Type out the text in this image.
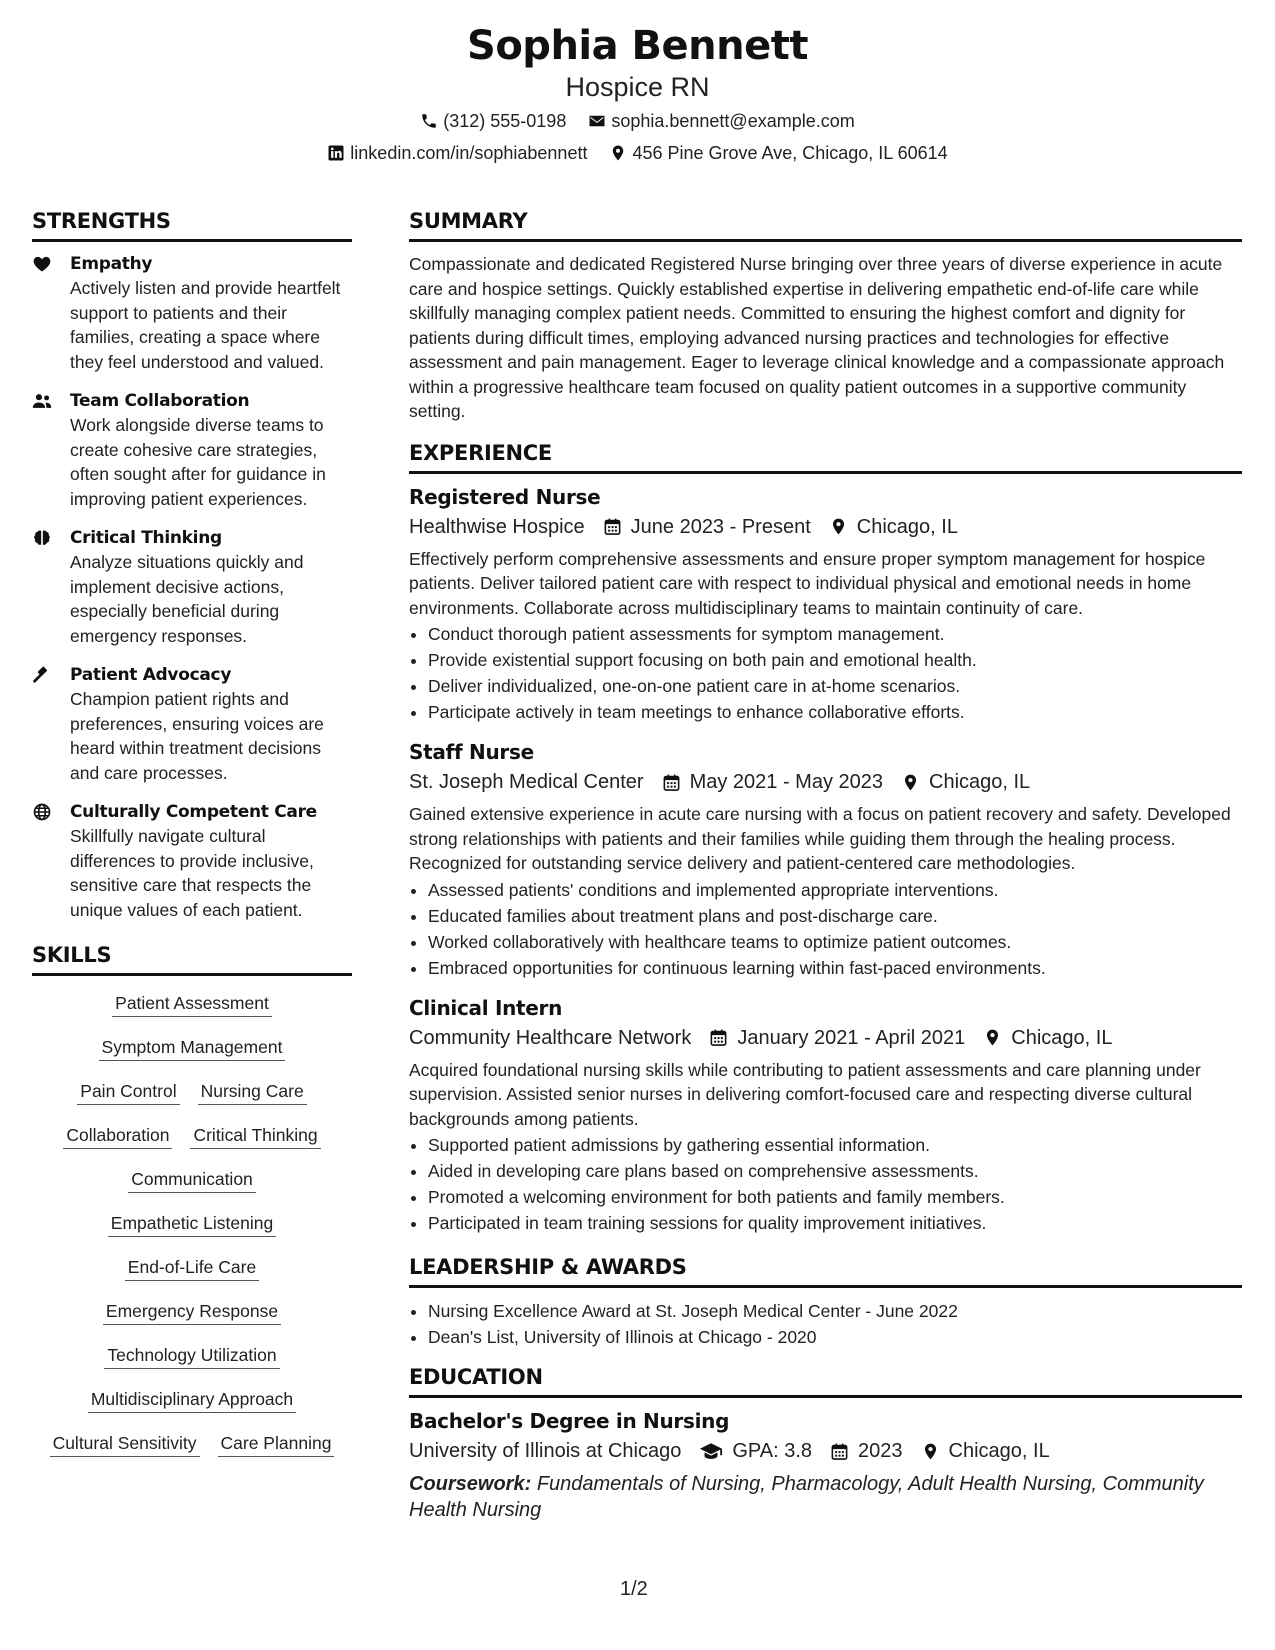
Sophia Bennett
Hospice RN
(312) 555-0198	sophia.bennett@example.com
linkedin.com/in/sophiabennett	456 Pine Grove Ave, Chicago, IL 60614
STRENGTHS
Empathy
Actively listen and provide heartfelt support to patients and their families, creating a space where they feel understood and valued.
Team Collaboration
Work alongside diverse teams to create cohesive care strategies, often sought after for guidance in improving patient experiences.
Critical Thinking
Analyze situations quickly and implement decisive actions, especially beneficial during emergency responses.
Patient Advocacy
Champion patient rights and preferences, ensuring voices are heard within treatment decisions and care processes.
Culturally Competent Care
Skillfully navigate cultural differences to provide inclusive, sensitive care that respects the unique values of each patient.
SKILLS
Patient Assessment
Symptom Management
Pain Control Nursing Care
Collaboration Critical Thinking
Communication
Empathetic Listening
End-of-Life Care
Emergency Response
Technology Utilization
Multidisciplinary Approach
Cultural Sensitivity Care Planning
SUMMARY
Compassionate and dedicated Registered Nurse bringing over three years of diverse experience in acute care and hospice settings. Quickly established expertise in delivering empathetic end-of-life care while skillfully managing complex patient needs. Committed to ensuring the highest comfort and dignity for patients during difficult times, employing advanced nursing practices and technologies for effective assessment and pain management. Eager to leverage clinical knowledge and a compassionate approach within a progressive healthcare team focused on quality patient outcomes in a supportive community setting.
EXPERIENCE
Registered Nurse
Healthwise Hospice June 2023 - Present Chicago, IL
Effectively perform comprehensive assessments and ensure proper symptom management for hospice patients. Deliver tailored patient care with respect to individual physical and emotional needs in home environments. Collaborate across multidisciplinary teams to maintain continuity of care.
• Conduct thorough patient assessments for symptom management.
• Provide existential support focusing on both pain and emotional health.
• Deliver individualized, one-on-one patient care in at-home scenarios.
• Participate actively in team meetings to enhance collaborative efforts.
Staff Nurse
St. Joseph Medical Center May 2021 - May 2023 Chicago, IL
Gained extensive experience in acute care nursing with a focus on patient recovery and safety. Developed strong relationships with patients and their families while guiding them through the healing process. Recognized for outstanding service delivery and patient-centered care methodologies.
• Assessed patients' conditions and implemented appropriate interventions.
• Educated families about treatment plans and post-discharge care.
• Worked collaboratively with healthcare teams to optimize patient outcomes.
• Embraced opportunities for continuous learning within fast-paced environments.
Clinical Intern
Community Healthcare Network January 2021 - April 2021 Chicago, IL
Acquired foundational nursing skills while contributing to patient assessments and care planning under supervision. Assisted senior nurses in delivering comfort-focused care and respecting diverse cultural backgrounds among patients.
• Supported patient admissions by gathering essential information.
• Aided in developing care plans based on comprehensive assessments.
• Promoted a welcoming environment for both patients and family members.
• Participated in team training sessions for quality improvement initiatives.
LEADERSHIP & AWARDS
• Nursing Excellence Award at St. Joseph Medical Center - June 2022
• Dean's List, University of Illinois at Chicago - 2020
EDUCATION
Bachelor's Degree in Nursing
University of Illinois at Chicago	GPA: 3.8 2023 Chicago, IL
Coursework: Fundamentals of Nursing, Pharmacology, Adult Health Nursing, Community Health Nursing
1/2
